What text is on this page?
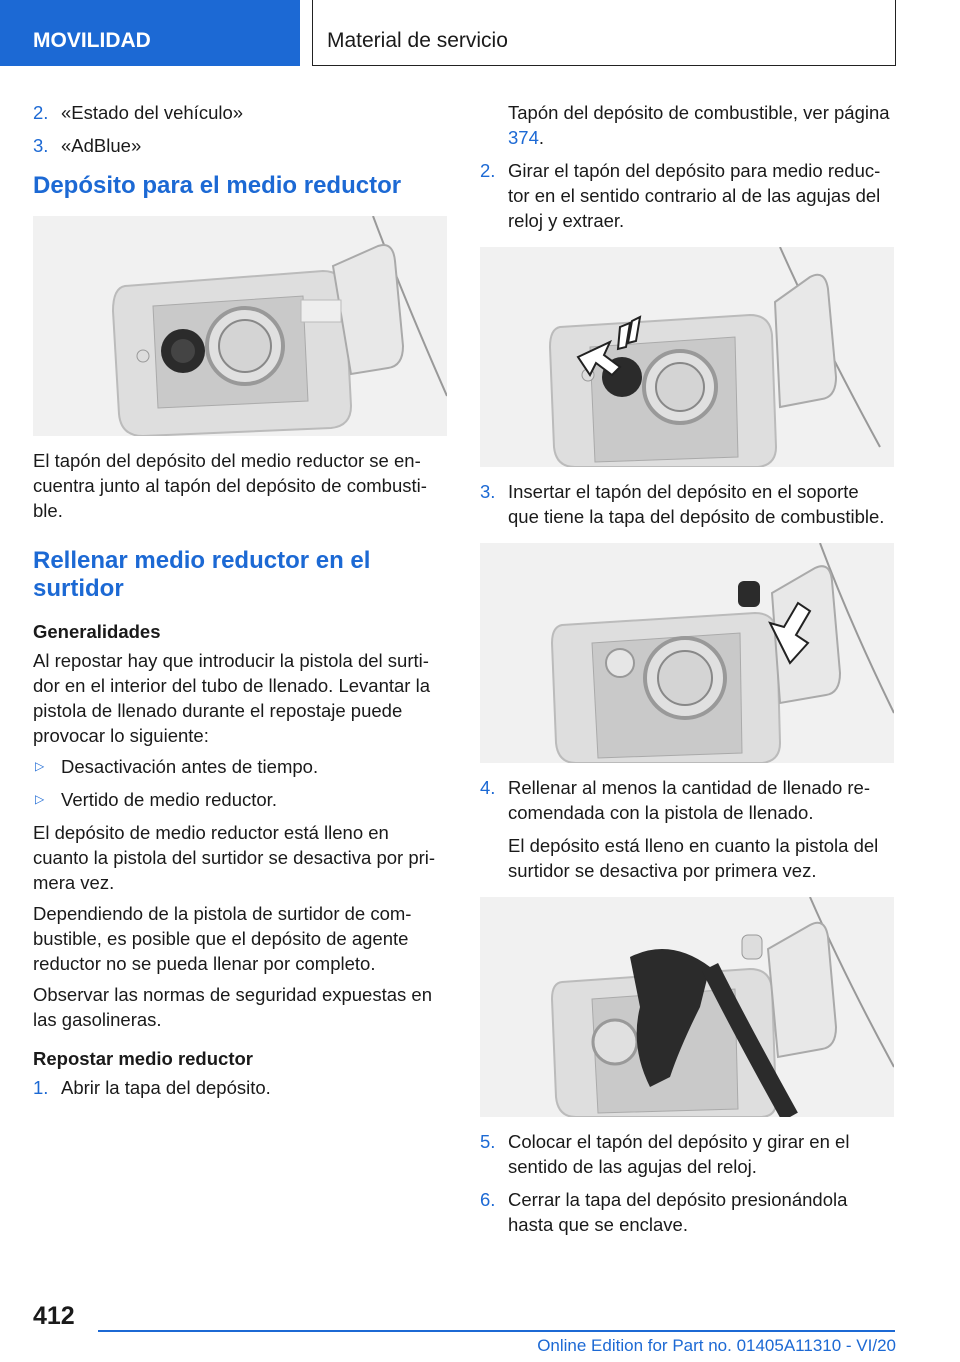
MOVILIDAD	Material de servicio
2. «Estado del vehículo»
3. «AdBlue»
Depósito para el medio reductor
El tapón del depósito del medio reductor se encuentra junto al tapón del depósito de combustible.
Rellenar medio reductor en el surtidor
Generalidades
Al repostar hay que introducir la pistola del surtidor en el interior del tubo de llenado. Levantar la pistola de llenado durante el repostaje puede provocar lo siguiente:
▷ Desactivación antes de tiempo.
▷ Vertido de medio reductor.
El depósito de medio reductor está lleno en cuanto la pistola del surtidor se desactiva por primera vez.
Dependiendo de la pistola de surtidor de combustible, es posible que el depósito de agente reductor no se pueda llenar por completo.
Observar las normas de seguridad expuestas en las gasolineras.
Repostar medio reductor
1. Abrir la tapa del depósito.
Tapón del depósito de combustible, ver página 374.
2. Girar el tapón del depósito para medio reductor en el sentido contrario al de las agujas del reloj y extraer.
3. Insertar el tapón del depósito en el soporte que tiene la tapa del depósito de combustible.
4. Rellenar al menos la cantidad de llenado recomendada con la pistola de llenado.
El depósito está lleno en cuanto la pistola del surtidor se desactiva por primera vez.
5. Colocar el tapón del depósito y girar en el sentido de las agujas del reloj.
6. Cerrar la tapa del depósito presionándola hasta que se enclave.
412
Online Edition for Part no. 01405A11310 - VI/20
